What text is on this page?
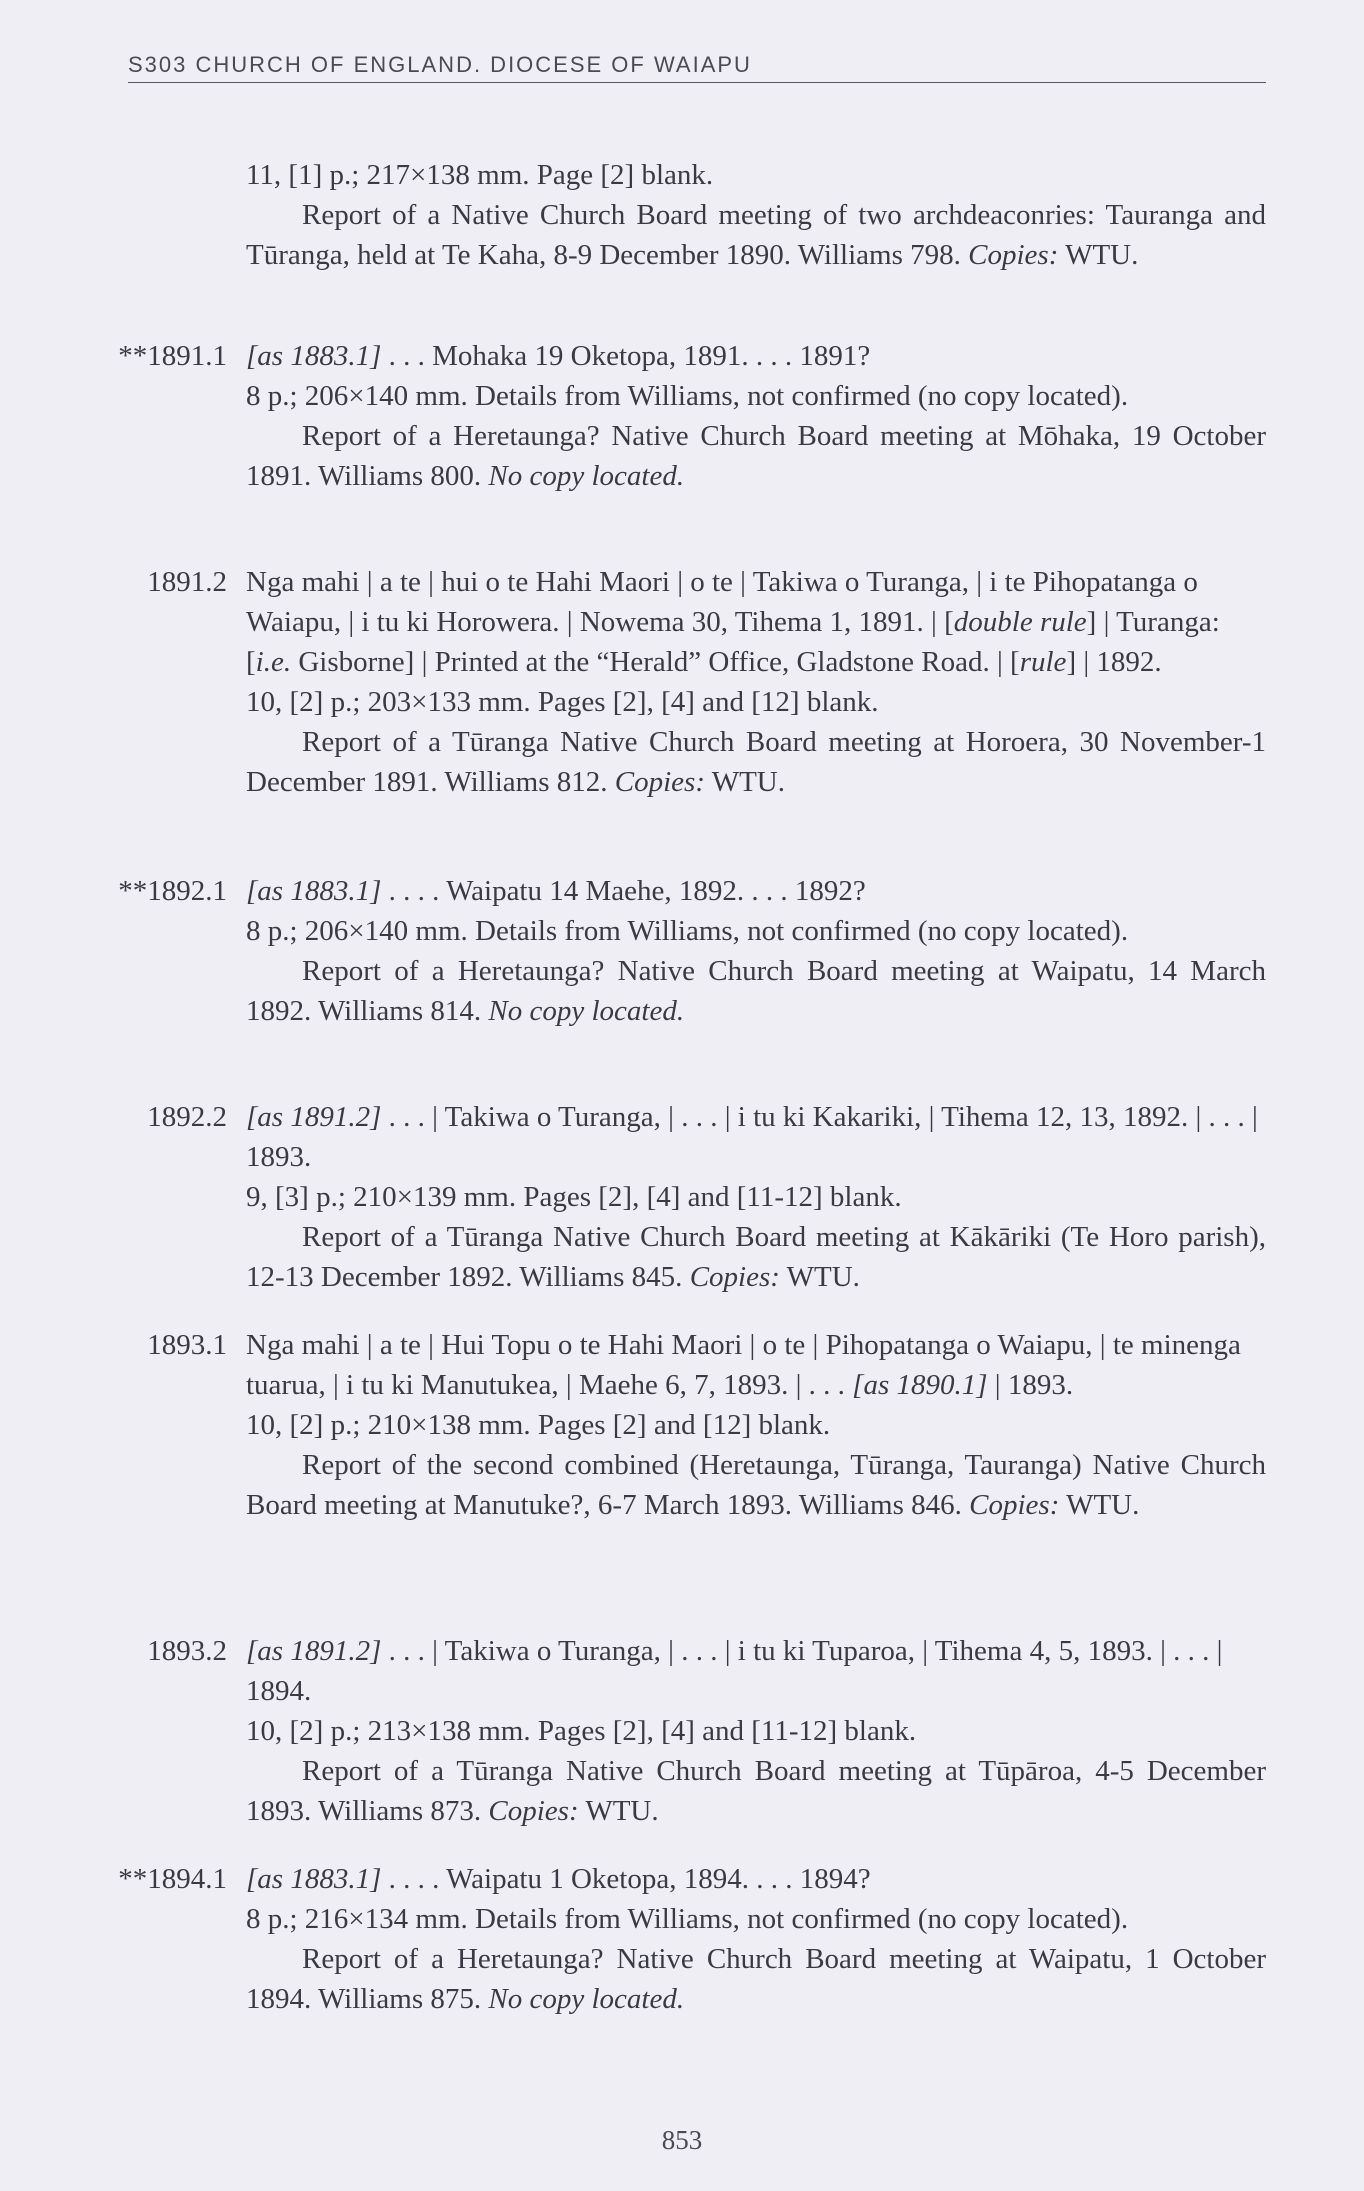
S303 CHURCH OF ENGLAND. DIOCESE OF WAIAPU

11, [1] p.; 217×138 mm. Page [2] blank.

Report of a Native Church Board meeting of two archdeaconries: Tauranga and Tūranga, held at Te Kaha, 8-9 December 1890. Williams 798. Copies: WTU.

**1891.1 [as 1883.1] . . . Mohaka 19 Oketopa, 1891. . . . 1891?

8 p.; 206×140 mm. Details from Williams, not confirmed (no copy located).

Report of a Heretaunga? Native Church Board meeting at Mōhaka, 19 October 1891. Williams 800. No copy located.

1891.2 Nga mahi | a te | hui o te Hahi Maori | o te | Takiwa o Turanga, | i te Pihopatanga o Waiapu, | i tu ki Horowera. | Nowema 30, Tihema 1, 1891. | [double rule] | Turanga: [i.e. Gisborne] | Printed at the “Herald” Office, Gladstone Road. | [rule] | 1892.

10, [2] p.; 203×133 mm. Pages [2], [4] and [12] blank.

Report of a Tūranga Native Church Board meeting at Horoera, 30 November-1 December 1891. Williams 812. Copies: WTU.

**1892.1 [as 1883.1] . . . . Waipatu 14 Maehe, 1892. . . . 1892?

8 p.; 206×140 mm. Details from Williams, not confirmed (no copy located).

Report of a Heretaunga? Native Church Board meeting at Waipatu, 14 March 1892. Williams 814. No copy located.

1892.2 [as 1891.2] . . . | Takiwa o Turanga, | . . . | i tu ki Kakariki, | Tihema 12, 13, 1892. | . . . | 1893.

9, [3] p.; 210×139 mm. Pages [2], [4] and [11-12] blank.

Report of a Tūranga Native Church Board meeting at Kākāriki (Te Horo parish), 12-13 December 1892. Williams 845. Copies: WTU.

1893.1 Nga mahi | a te | Hui Topu o te Hahi Maori | o te | Pihopatanga o Waiapu, | te minenga tuarua, | i tu ki Manutukea, | Maehe 6, 7, 1893. | . . . [as 1890.1] | 1893.

10, [2] p.; 210×138 mm. Pages [2] and [12] blank.

Report of the second combined (Heretaunga, Tūranga, Tauranga) Native Church Board meeting at Manutuke?, 6-7 March 1893. Williams 846. Copies: WTU.

1893.2 [as 1891.2] . . . | Takiwa o Turanga, | . . . | i tu ki Tuparoa, | Tihema 4, 5, 1893. | . . . | 1894.

10, [2] p.; 213×138 mm. Pages [2], [4] and [11-12] blank.

Report of a Tūranga Native Church Board meeting at Tūpāroa, 4-5 December 1893. Williams 873. Copies: WTU.

**1894.1 [as 1883.1] . . . . Waipatu 1 Oketopa, 1894. . . . 1894?

8 p.; 216×134 mm. Details from Williams, not confirmed (no copy located).

Report of a Heretaunga? Native Church Board meeting at Waipatu, 1 October 1894. Williams 875. No copy located.

853
